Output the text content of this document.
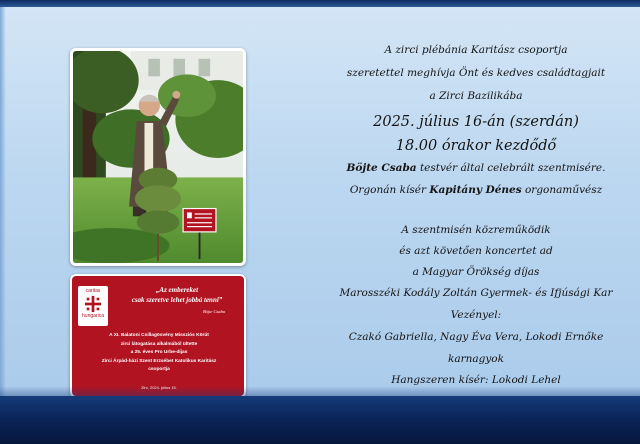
caritas
hungarica
„Az embereket
csak szeretve lehet jobbá tenni”
Böjte Csaba
A XI. Balatoni Csillagösvény Missziós Körút
zirci látogatása alkalmából ültette
a 25. éves Pro Urbe-díjas
Zirci Árpád-házi Szent Erzsébet Katolikus Karitász
csoportja
A zirci plébánia Karitász csoportja
szeretettel meghívja Önt és kedves családtagjait
a Zirci Bazilikába
2025. július 16-án (szerdán)
18.00 órakor kezdődő
Böjte Csaba testvér által celebrált szentmisére.
Orgonán kísér Kapitány Dénes orgonaművész
A szentmisén közreműködik
és azt követően koncertet ad
a Magyar Örökség díjas
Marosszéki Kodály Zoltán Gyermek- és Ifjúsági Kar
Vezényel:
Czakó Gabriella, Nagy Éva Vera, Lokodi Ernőke
karnagyok
Hangszeren kísér: Lokodi Lehel
